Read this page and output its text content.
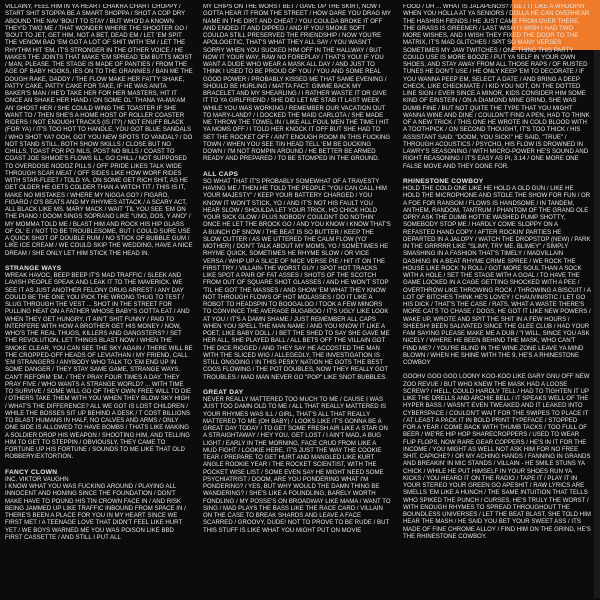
VILLAINY, FEEL HIM IN YA HEART CHAKRA CHART CHOPPY / START SHIT STOPPA BE A SMART SHOPPA / SHOT A COP DRY ABOUND THE NAV 'BOUT TO STAY / BUT WHO'D A KNOWN THEY'D TWO ME / THAT WONDER WHERE THE SHOOTER GO / 'BOUT TO JET, GET HIM, NOT A BET, DEAD EM / LET 'EM SPIT THE VENOM BAD 'EM GOT A LOT OF SHIT WITH 'EM / LET THE RHYTHM HIT 'EM, IT'S STRONGER IN THE OTHER VOICE / HE MAKES THE JOINTS THAT MAKE 'EM SPREAD 'EM BUTTS MOIST / MAN, PLEASE. THE STAGE IS MADE OF PANTIES / FROM THE AGE OF BABY HOOKS, IES ON TO THE GRANNIES / BAN ME THE DOUGH RAKE, DADDY / THE FLOW MAKE HER FATTY SHAKE, PATTY CAKE, PATTY CAKE FOR TAKE, IF HE WAS ANITA BAKER'S MAN / HE'D TAKE HER FOR HER MASTERS, HIT IT ONCE AN SHAKE HER HAND / ON SOME OL' THANA YA-MA'AM AN' GHOST HER / SHE COULD WING THE TOASTER IF SHE WANT TO / THEN SHE'S A HOME HOST OF ROLLER COASTER RIDERS / NOT ENOUGH TRACKS (IS IT?) / NOT ENUFF BLACK (FOR YA) / IT'S TOO HOT TO HANDLE, YOU GOT BLUE SANDALS / WHO SHOT YA? OOH, GOT YOU NEW SPOTS TO VANDAL? / DO NOT STAND STILL, BOTH SHOW SKILLS / CLOSE BUT NO CHILLS, TOAST FOR PO NILS, POST NO BILLS / COAST TO COAST JOE SHMOE'S FLOWS ILL, GO CHILL / NOT SUPPOSED TO OVERDOSE NODOZ PILLS / OFF PRIDE LIKES TALK WIDE THROUGH SCAR MEAT / OFF SIDES LIKE HOW WORF RIDES WITH STAR-FLEET / TOLD YA, ON SOME GET RICH SHIT, AS HE GET OLDER HE GETS COLDER THAN A WITCH TIT / THIS IS IT, MAKE NO MISTAKES / WHERE MY NIGGA GO? / FIGARO, FIGARO / O'S BEATS AND MY RHYMES ATTACK / A SCARY ACT, ALL BLACK LIKE MS. MARY MACK / WAIT 'TIL YOU SEE 'EM ON THE PIANO / DOOM SINGS SOPRANO LIKE "UNO, DOS, Y ANO" / MY MOMMA TOLD ME / BLAST HIM AND ROCK HIS HIP GLASS OF OL' E / NOT TO BE TROUBLESOME, BUT I COULD SURE USE A QUICK SHOT OF DOUBLE RUM / NO STICK OF BUBBLE GUM / LIKE ICE CREAM / WE COULD SKIP THE WEDDING, HAVE A NICE DREAM / SHE ONLY LET HIM STICK THE HEAD IN.

STRANGE WAYS

WREAK HAVOC, BEEP BEEP IT'S MAD TRAFFIC / SLEEK AND LAVISH PEOPLE SPEAK AND LEAK IT TO THE MAVERICK. WE SEE IT AS JUST ANOTHER FELONY DRUG ARREST / ANY DAY COULD BE THE ONE YOU PICK THE WRONG THUG TO TEST / SLUG THROUGH THE VEST ... SHOT IN THE STREET FOR PULLING HEAT ON A FATHER WHOSE BABY'S GOTTA EAT / AND WHEN THEY GET HUNGRY, IT AIN'T SHIT FUNNY / PAID TO INTERFERE WITH HOW A BROTHER GET HIS MONEY / NOW, WHO'S THE REAL THUGS, KILLERS AND GANGSTERS? / SET THE REVOLUTION, LET THINGS BLAST NOW / WHEN THE SMOKE CLEAR, YOU CAN SEE THE SKY AGAIN / THERE WILL BE THE CROPPED-OFF HEADS OF LEVIATHAN / MY FRIEND, CALL 'EM STRANGERS / ANYBODY WHO TALK TO 'EM END UP IN SOME DANGER / THEY STAY SAME GAME, STRANGE WAYS. CAN'T REFORM 'EM. / THEY PRAY FOUR TIMES A DAY. THEY PRAY FIVE / WHO WANTS A STRANGE WORLD? ... WITH TIME TO SURVIVE / SOME WILL GO OF THEY OWN FREE WILL TO DIE / OTHERS TAKE THEM WITH YOU WHEN THEY BLOW SKY HIGH / WHAT'S THE DIFFERENCE? ALL WE GOT IS LOST CHILDREN / WHILE THE BOSSES SIT UP BEHIND A DESK / T COST BILLIONS TO BLAST HUMANS IN HALF, NO CALVES AND ARMS / ONLY ONE SIDE IS ALLOWED TO HAVE BOMBS / THATS LIKE MAKING A SOLDIER DROP HIS WEAPON / SHOOTING HIM, AND TELLING HIM TO GET TO STEPPIN / OBVIOUSLY, THEY CAME TO FORTUNE UP HIS FORTUNE / SOUNDS TO ME LIKE THAT OLD ROBBERY/EXTORTION.

FANCY CLOWN

INC. VIKTOR VAUGHN

I KNOW WHAT YOU WAS FUCKING AROUND / PLAYING ALL INNOCENT AND HONING SINCE THE FOUNDATION / DON'T MAKE HAVE TO POUND HIS TIN CROWN FACE IN / AND RISK BEING JAMMED UP LIKE TRAFFIC INBOUND FROM SPACE IN / THERE'S BEEN A PLACE FOR YOU IN MY HEART SINCE WE FIRST MET / A TEENAGE LOVE THAT DIDN'T FEEL LIKE HURT YET / WE BOYS WARNED ME YOU WAS POISON LIKE BBD FIRST CASSETTE / AND STILL I PUT ALL

MY CHIPS ON THE WORST BET / GAVE UP THE SKIRT, NOW I GOTTA HEAR IT FROM THE STREET / HOW DARE YOU DRAG MY NAME IN THE DIRT AND CHEAT / YOU COULDA BROKE IT OFF AND ENDED IT AND DIPPED / AND IF YOU SMOKE SOFT COULDA STILL PRESERVED THE FRIENDSHIP / NOW YOU'RE APOLOGETIC, THAT'S WHAT THEY ALL SAY / YOU WASN'T SORRY WHEN YOU SUCKED HIM OFF IN THE HALLWAY / BUT NOW IT YOUR WAY, RAW NO FOREPLAY / THAT'S YOU! IF YOU WANT A DUDE WHO WEAR A MASK ALL DAY / AND JUST TO THINK I USED TO BE PROUD OF YOU / YOU AND SOME REAL GOOD POWER / PROBABLY KISSED ME THAT SAME EVENING / SHOULD BE HURLING / MATTA FACT: GIMME BACK MY BRACELET AND MY SHEARLING / I RATHER WASTE IT OR GIVE IT TO YA GIRLFRIEND / SHE DID LET ME STAB IT LAST WEEK WHILE YOU WAS WORKING / REMEMBER OUR VACATION OUT TO MARY-LAND? / I DOCKED THE MAID CARLOTA / SHE MADE ME THROW THE TOWEL IN / LIKE ALL FOUL MEN THE TIME I HIT YA MOMS OFF / I TOLD HER KNOCK IT OFF BUT SHE HAD TO SET THE ROCKET OFF / AIN'T ENOUGH ROOM IN THIS FUCKING TOWN / WHEN YOU SEE TIN HEAD TELL 'EM BE DUCKING DOWN / I'M NOT ROMPIN AROUND / HE BETTER BE ARMED READY AND PREPARED / TO BE STOMPED IN THE GROUND.

ALL CAPS

SO WHAT THAT IT'S PROBABLY SOMEWHAT OF A TRAVESTY HAVING ME / THEN HE TOLD THE PEOPLE "YOU CAN CALL HIM YOUR MAJESTY" / KEEP YOUR BATTERY CHARGED / YOU KNOW IT WON'T STICK, YO / AND IT'S NOT HIS FAULT YOU HEAR SLOW / SHOULDA LET YOUR TRICK, HO CHICK HOLD YOUR SICK GLOW / PLUS NOBODY COULDN'T DO NOTHIN' ONCE HE LET THE BROCK GO / AND YOU KNOW I KNOW THAT'S A BUNCH OF SNOW / THE BEAT IS SO BUTTER / KEEP THE SLOW CUTTER / AS WE UTTERED THE CALM FLOW (YO' MOTHER) / DON'T TALK ABOUT MY MOMS, YO / SOMETIMES HE RHYME QUICK, SOMETIMES HE RHYME SLOW / OR VICE VERSA / WHIP UP A SLICE OF NICE VERSE PIE / HIT IT ON THE FIRST TRY / VILLAIN-THE WORST GUY / SPOT HOT TRACKS LIKE SPOT A PAIR OF FAT ASSES / SHOTS OF THE SCOTCH FROM OUT OF SQUARE SHOT GLASSES / AND HE WON'T STOP 'TIL HE GOT THE MASSES / AND SHOW 'EM WHAT THEY KNOW NOT THROUGH FLOWS OF HOT MOLASSES / DO IT LIKE A ROBOT TO HEADSPIN TO BOOGALOO / TOOK A FEW MINORS TO CONVINCE THE AVERAGE BUGABOO / IT'S UGLY LIKE LOOK AT YOU / IT'S A DAMN SHAME / JUST REMEMBER ALL CAPS WHEN YOU SPELL THE MAN NAME / AND YOU KNOW IT LIKE A POET, LIKE BABY DOLL / I BET THE SHED TO SAY SHE GAVE ME HER ALL, SHE PLAYED BALL / ALL BETS OFF THE VILLAIN GOT THE DICE RIGGED / AND THEY SAY HE ACCOSTED THE MAN WITH THE SLICED WIG / ALLEGEDLY, THE INVESTIGATION IS STILL ONGOING / IN THIS PESKY NATION HE GOTS THE BEST COGS FLOWING / THE POT DOUBLES, NOW THEY REALLY GOT TROUBLES / MAD MAN NEVER GO "POP" LIKE SNOT BUBBLES.

GREAT DAY

NEVER REALLY MATTERED TOO MUCH TO ME / CAUSE I WAS JUST TOO DAMN OLD TO ME / ALL THAT REALLY MATTERED IS YOUR RHYMES WAS ILL / GIRL, THAT'S ALL THAT REALLY MATTERED TO ME (OH BABY) / LOOKS LIKE IT'S GONNA BE A GREAT DAY TODAY / TO GET SOME FRESH AIR LIKE A STAR ON A STRAIGHTAWAY / HEY YOU, GET LOST / I AIN'T MAD, A BUG LIGHT / EARLY IN THE MORNING, FACE CRUD FROM LIKE A MUD FIGHT / LOOKIE HERE, IT'S JUST THE WAY THE COOKIE TEAR / PREPARE TO GET HURT AND MANGLED LIKE KURT ANGLE ROOKIE YEAR / THE ROCKET SCIENTIST, WITH THE POCKET WISE LIST / SOME EVEN SAY HE MIGHT NEED SOME PSYCHIATRIST / DOOM, ARE YOU PONDERING WHAT I'M PONDERING? / YES, BUT WHY WOULD THE DAMN THING BE WANDERING? / SHE'S LIKE A FOUNDLING, BARELY WORTH FONDLING / MY POSSE'S ON BROADWAY LIKE MAMA / WANT TO SING / MAD PLAYS THE BASS LIKE THE RACE CARD / VILLAIN ON THE CASE TO BREAK SHARDS AND LEAVE A FACE SCARRED / GROOVY, DUDE! NOT TO PROVE TO BE RUDE / BUT THIS STUFF IS LIKE WHAT YOU MIGHT PUT ON MOVIE

FOOD / UH ... WHAT IS JALAPEÑOS? / GET IT LIKE A WHOOPIN' WHEN YOU HOLLA AT YA SENIORS / DOLLA HE CAN OVERHEAR THE HASHISH FIENDS / HE JUST CAME FROM OVER THERE, THE GRASS IS GREENER / LAST WISH / I WISH I HAD TWO MORE WISHES, AND I WISH THEY FIXED THE DOOR TO THE MATRIX, IT'S MAD GLITCHES / SPIT SO MANY VERSES SOMETIMES MY JAW TWITCHES / ONE THING THIS PARTY COULD USE IS MORE BOOZE / PUT YA SELF IN YOUR OWN SHOES, AND STAY AWAY FROM ALL THOSE RAPS / OF RUSTED TUNES HE DON'T USE / HE ONLY KEEP 'EM TO DECORATE / IF YOU WANNA PEEP EM, SELECT A DATE / AND BRING A DEEP CHECK, LIKE CHECKMATE / I KID YOU NOT, ON THE DOTTED LINE SIGN / EVER SINCE A MINOR, KIDS CONSIDER HIM SOME KIND OF EINSTEIN / ON A DIAMOND MINE GRIND, SHE WAS DUMB FINE / BUT NOT QUITE THE TYPE THAT YOU MIGHT WANNA WINE AND DINE / COULDN'T FIND A PEN, HAD TO THINK OF A NEW TRICK / THIS ONE HE WROTE IN COLD BLOOD WITH A TOOTHPICK / ON SECOND THOUGHT, IT'S TOO THICK / HIS ASSISTANT SAID: "DOOM, YOU SICK!" HE SAID, "TRUE" / THROUGH ACOUSTICS / PSYCHO, HIS FLOW IS DROWNED IN LAWRY'S SEASONING / WITH MICRO-POWER HE'S SOUND AND RIGHT REASONING / IT'S EASY AS PI, 3.14 / ONE MORE ONE FALSE MOVE AND THEY DONE FOR.

RHINESTONE COWBOY

HOLD THE COLD ONE LIKE HE HOLD A OLD GUN / LIKE HE HOLD THE MICROPHONE AND STOLE THE SHOW FOR FUN / OR A FOE FOR RANSOM / FLOWS IS HANDSOME / IN TANDEM, ANTHEM, RANDOM, TANTRUM / PHANTOM OF THE GRAND OLE OPRY ASK THE DUMB HOTTIE WASHED PUMP SHOTTY, SOMEBODY STOP ME / HARDLY COME SLOPPY ON A REFASTED HAND COPY / AFTER ROCKIN' PARTIES HE DEPARTED IN A JALOPY / WATCH THE DROPSTOP (NEW) / PARK IN THE GRRRRR LIKE "SLIMY, TRY ME. BLIMEY" / SIMPLY SMASHING IN A FASHION THAT'S TIMELY / MADVILLAIN DASHING IN A BEAT RHYME CRIME SPREE / WE ROCK THE HOUSE LIKE ROCK 'N ROLL / GOT MORE SOUL THAN A SOCK WITH A HOLE / SET THE STAGE WITH A GOAL / TO HAVE THE GAME LOCKED IN A CAGE GETTING SHOCKED WITH A PEE / OVERTHROW LIKE THROWING ROCK / THROWING A BISCUIT / A LOT OF BITCHES THINK HE'S LOVEY / CHAUVINISTIC / LET GO HIS DICK / THAT'S THE CASE / RATS, WHAT A WASTE THERE'S MORE CATS TO CHASE / DOGS, HE GOT IT LIKE NEW POWERS / WAKE UP, WROTE AND SPIT THE SHIT IN A FEW HOURS / SHEESH! BEEN SALIVATED SINCE THE GLEE CLUB / HAD YOUR FAM SAYING PLEASE MAKE ME A DUB / "I WILL, SINCE YOU ASK NICELY / WHERE HE BEEN BEHIND THE MASK, WHO CAN'T FIND ME? / YOU'RE BLIND IN THE WINE ZONE LEAVE YA MIND BLOWN / WHEN HE SHINE WITH THE 9, HE'S A RHINESTONE COWBOY

GOOHV GOO GOO LOONY KOO-KOO LIKE GARY GNU OFF NEW ZOO REVUE / BUT WHO KNEW THE MASK HAD A LOOSE SCREW? / HELL, COULD HARDLY TELL / HAD TO TIGHTEN IT UP LIKE THE DRELLS AND ARCHIE BELL / IT SPEAKS WELL OF THE HYPER BASS / WASN'T EVEN TWEAKED AND IT LEAKED INTO CYBERSPACE / COULDN'T WAIT FOR THE SWIPES TO PLACE IT / AT LEAST A PACK IT IN BOLD PRINT TYPEFACE / STOPPED FOR A YEAR / COME BACK WITH THUMB TACKS / TOO FULL OF BEER / WE'RE HIP HOP SHARECROPPERS / USED TO WEAR FLIP FLOPS, NOW RARE GEAR COPPERS / HE'S IN IT FOR THE INCOME / YOU MIGHT AS WELL NOT ASK HIM FOR NO FREE SHIT, CAPICHE? / OR MY ACHING HANDS / FANNING IN GRANDS AND BREAKIN' IN MIC STANDS / VILLAIN - HE SMILE STUNS YA CHICK / WHILE HE PUT HIMSELF IN YOUR SHOES RUN YA KICKS / YOU HEARD IT ON THE RADIO / TAPE IT / PLAY IT IN YOUR STEREO YOUR GREEN GO APESHIT / RAW LYRICS ARE SMELLS 'EM LIKE A HUNCH / THE SAME INTUITION THAT TELLS WHO SPIKED THE PUNCH / CURSES, HE'S TRULY THE WORST / WITH ENOUGH RHYMES TO SPREAD THROUGHOUT THE BOUNDLESS UNIVERSES / LET THE BEAT BLAST, SHE TOLD HIM HEAR THE MASH / HE SAID YOU BET YOUR SWEET ASS / ITS MADE OF FINE CHROME ALLOY / FIND HIM ON THE GRIND, HE'S THE RHINESTONE COWBOY.
